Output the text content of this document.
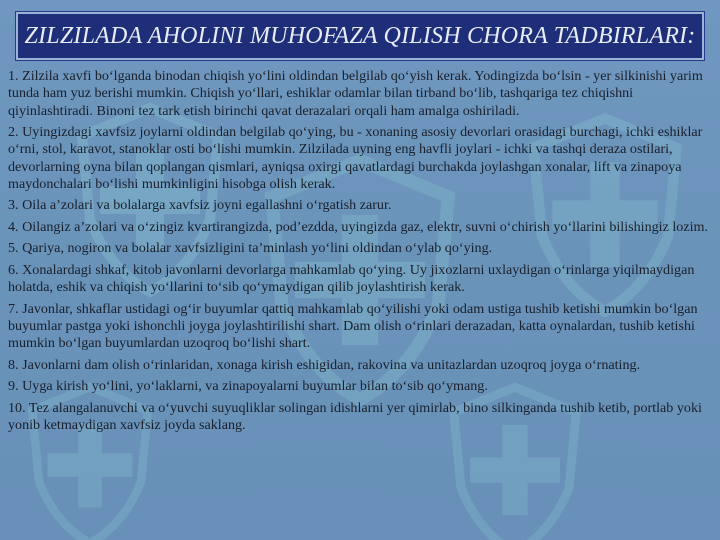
ZILZILADA AHOLINI MUHOFAZA QILISH CHORA TADBIRLARI:

1. Zilzila xavfi bo‘lganda binodan chiqish yo‘lini oldindan belgilab qo‘yish kerak. Yodingizda bo‘lsin - yer silkinishi yarim tunda ham yuz berishi mumkin. Chiqish yo‘llari, eshiklar odamlar bilan tirband bo‘lib, tashqariga tez chiqishni qiyinlashtiradi. Binoni tez tark etish birinchi qavat derazalari orqali ham amalga oshiriladi.

2. Uyingizdagi xavfsiz joylarni oldindan belgilab qo‘ying, bu - xonaning asosiy devorlari orasidagi burchagi, ichki eshiklar o‘rni, stol, karavot, stanoklar osti bo‘lishi mumkin. Zilzilada uyning eng havfli joylari - ichki va tashqi deraza ostilari, devorlarning oyna bilan qoplangan qismlari, ayniqsa oxirgi qavatlardagi burchakda joylashgan xonalar, lift va zinapoya maydonchalari bo‘lishi mumkinligini hisobga olish kerak.

3. Oila a’zolari va bolalarga xavfsiz joyni egallashni o‘rgatish zarur.

4. Oilangiz a’zolari va o‘zingiz kvartirangizda, pod’ezdda, uyingizda gaz, elektr, suvni o‘chirish yo‘llarini bilishingiz lozim.

5. Qariya, nogiron va bolalar xavfsizligini ta’minlash yo‘lini oldindan o‘ylab qo‘ying.

6. Xonalardagi shkaf, kitob javonlarni devorlarga mahkamlab qo‘ying. Uy jixozlarni uxlaydigan o‘rinlarga yiqilmaydigan holatda, eshik va chiqish yo‘llarini to‘sib qo‘ymaydigan qilib joylashtirish kerak.

7. Javonlar, shkaflar ustidagi og‘ir buyumlar qattiq mahkamlab qo‘yilishi yoki odam ustiga tushib ketishi mumkin bo‘lgan buyumlar pastga yoki ishonchli joyga joylashtirilishi shart. Dam olish o‘rinlari derazadan, katta oynalardan, tushib ketishi mumkin bo‘lgan buyumlardan uzoqroq bo‘lishi shart.

8. Javonlarni dam olish o‘rinlaridan, xonaga kirish eshigidan, rakovina va unitazlardan uzoqroq joyga o‘rnating.

9. Uyga kirish yo‘lini, yo‘laklarni, va zinapoyalarni buyumlar bilan to‘sib qo‘ymang.

10. Tez alangalanuvchi va o‘yuvchi suyuqliklar solingan idishlarni yer qimirlab, bino silkinganda tushib ketib, portlab yoki yonib ketmaydigan xavfsiz joyda saklang.
